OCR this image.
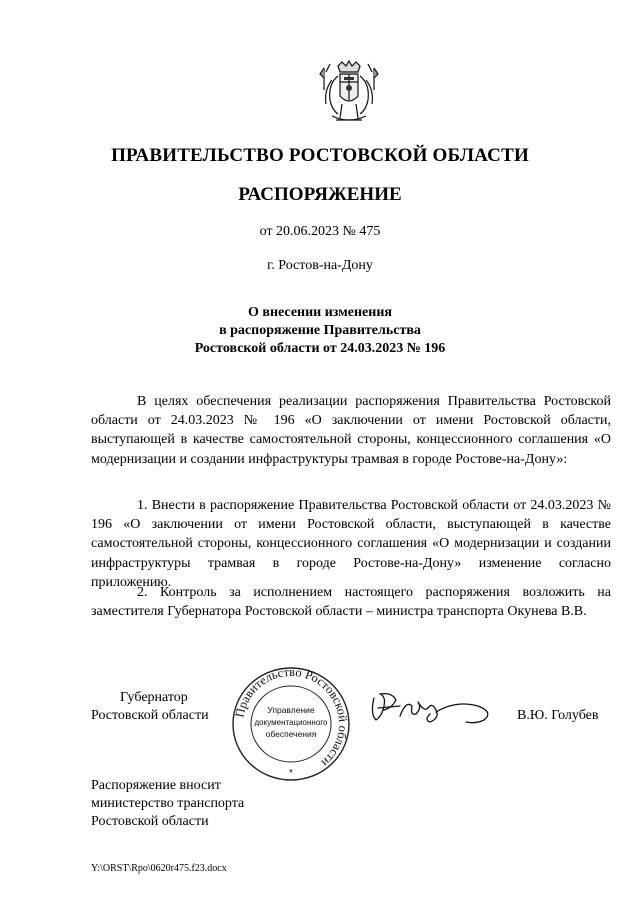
ПРАВИТЕЛЬСТВО РОСТОВСКОЙ ОБЛАСТИ
РАСПОРЯЖЕНИЕ
от 20.06.2023 № 475
г. Ростов-на-Дону
О внесении изменения
в распоряжение Правительства
Ростовской области от 24.03.2023 № 196
В целях обеспечения реализации распоряжения Правительства Ростовской области от 24.03.2023 № 196 «О заключении от имени Ростовской области, выступающей в качестве самостоятельной стороны, концессионного соглашения «О модернизации и создании инфраструктуры трамвая в городе Ростове-на-Дону»:
1. Внести в распоряжение Правительства Ростовской области от 24.03.2023 № 196 «О заключении от имени Ростовской области, выступающей в качестве самостоятельной стороны, концессионного соглашения «О модернизации и создании инфраструктуры трамвая в городе Ростове-на-Дону» изменение согласно приложению.
2. Контроль за исполнением настоящего распоряжения возложить на заместителя Губернатора Ростовской области – министра транспорта Окунева В.В.
Губернатор
Ростовской области Правительство Ростовской области
Управление
документационного
обеспечения
*
В.Ю. Голубев
Распоряжение вносит
министерство транспорта
Ростовской области
Y:\ORST\Rpo\0620r475.f23.docx
